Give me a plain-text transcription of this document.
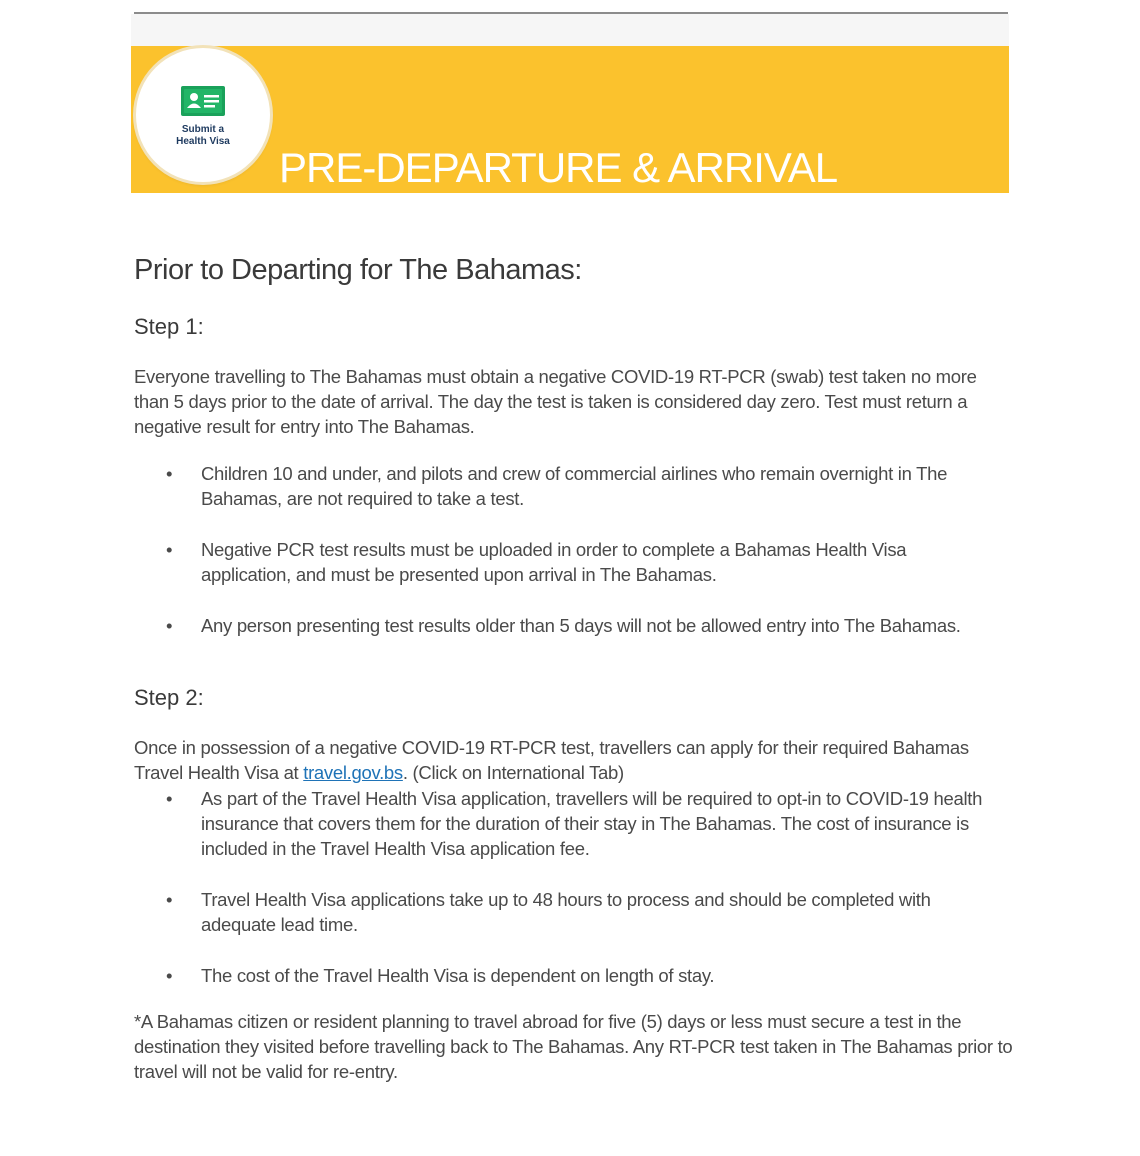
Submit a
Health Visa
PRE-DEPARTURE & ARRIVAL
Prior to Departing for The Bahamas:
Step 1:
Everyone travelling to The Bahamas must obtain a negative COVID-19 RT-PCR (swab) test taken no more than 5 days prior to the date of arrival. The day the test is taken is considered day zero. Test must return a negative result for entry into The Bahamas.
• Children 10 and under, and pilots and crew of commercial airlines who remain overnight in The Bahamas, are not required to take a test.
• Negative PCR test results must be uploaded in order to complete a Bahamas Health Visa application, and must be presented upon arrival in The Bahamas.
• Any person presenting test results older than 5 days will not be allowed entry into The Bahamas.
Step 2:
Once in possession of a negative COVID-19 RT-PCR test, travellers can apply for their required Bahamas Travel Health Visa at travel.gov.bs. (Click on International Tab)
• As part of the Travel Health Visa application, travellers will be required to opt-in to COVID-19 health insurance that covers them for the duration of their stay in The Bahamas. The cost of insurance is included in the Travel Health Visa application fee.
• Travel Health Visa applications take up to 48 hours to process and should be completed with adequate lead time.
• The cost of the Travel Health Visa is dependent on length of stay.
*A Bahamas citizen or resident planning to travel abroad for five (5) days or less must secure a test in the destination they visited before travelling back to The Bahamas. Any RT-PCR test taken in The Bahamas prior to travel will not be valid for re-entry.
